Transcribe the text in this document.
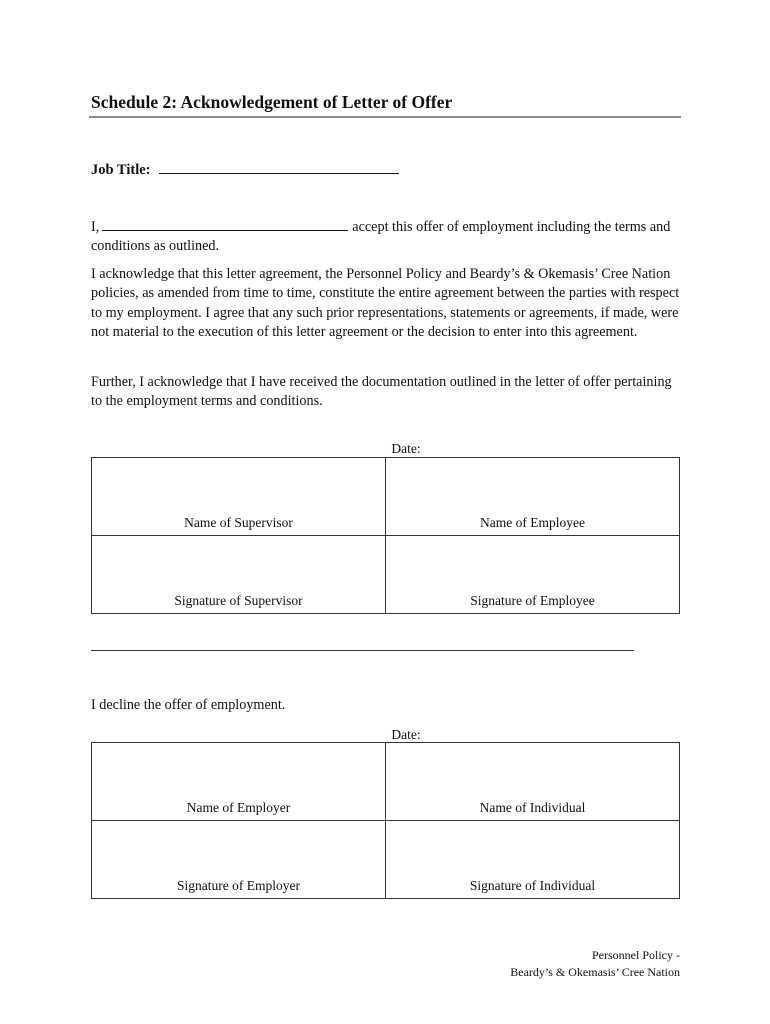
Schedule 2: Acknowledgement of Letter of Offer
Job Title:
I,	accept this offer of employment including the terms and conditions as outlined.
I acknowledge that this letter agreement, the Personnel Policy and Beardy’s & Okemasis’ Cree Nation policies, as amended from time to time, constitute the entire agreement between the parties with respect to my employment. I agree that any such prior representations, statements or agreements, if made, were not material to the execution of this letter agreement or the decision to enter into this agreement.
Further, I acknowledge that I have received the documentation outlined in the letter of offer pertaining to the employment terms and conditions.
Date:
Name of Supervisor	Name of Employee
Signature of Supervisor	Signature of Employee
I decline the offer of employment.
Date:
Name of Employer	Name of Individual
Signature of Employer	Signature of Individual
Personnel Policy -
Beardy’s & Okemasis’ Cree Nation
